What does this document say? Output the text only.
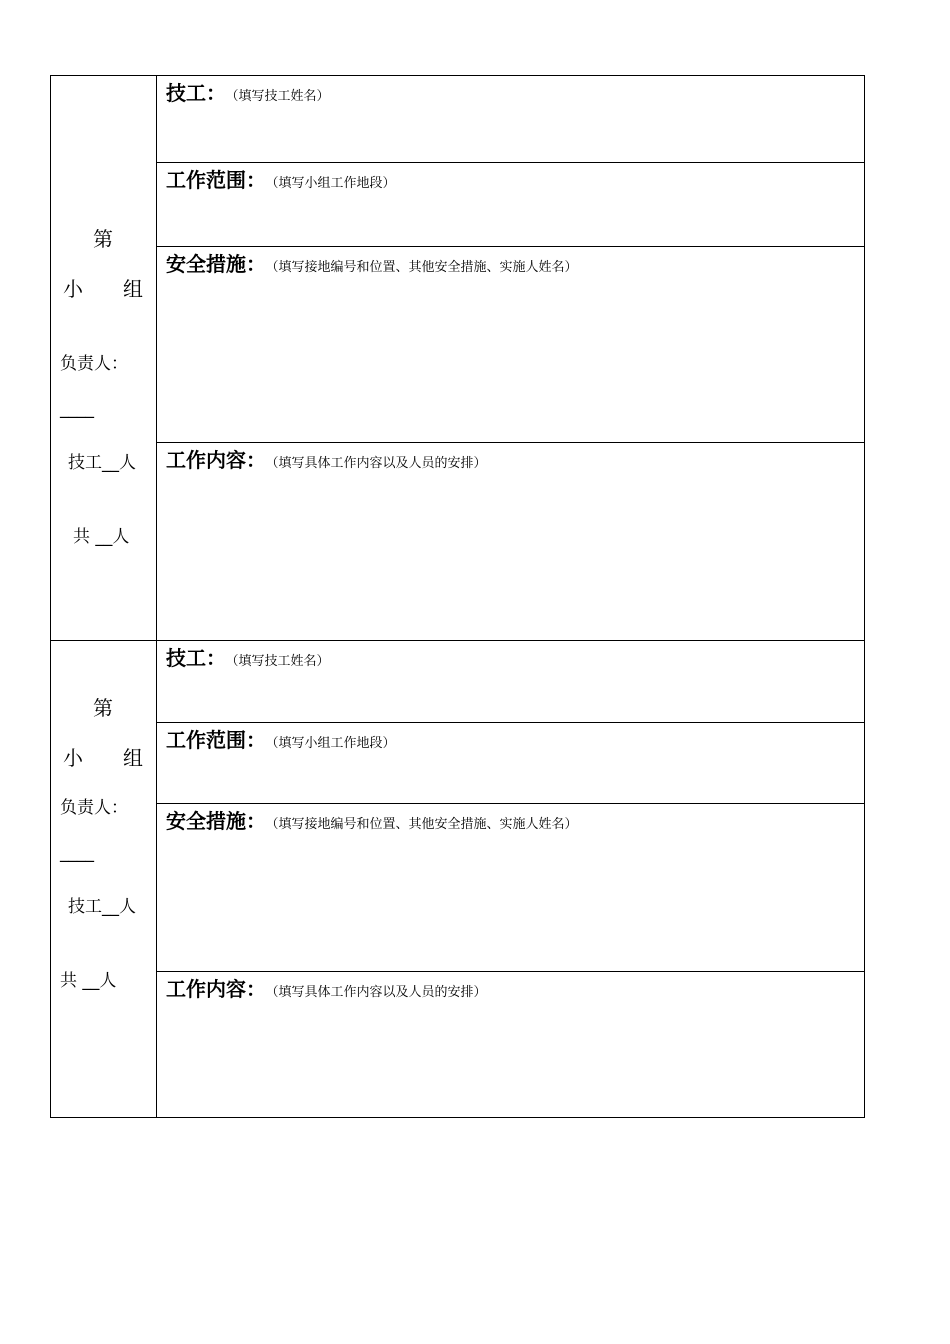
第
小 组
负责人：
____
技工__人
共 __人
技工： （填写技工姓名）
工作范围： （填写小组工作地段）
安全措施： （填写接地编号和位置、其他安全措施、实施人姓名）
工作内容： （填写具体工作内容以及人员的安排）
第
小 组
负责人：
____
技工__人
共 __人
技工： （填写技工姓名）
工作范围： （填写小组工作地段）
安全措施： （填写接地编号和位置、其他安全措施、实施人姓名）
工作内容： （填写具体工作内容以及人员的安排）
